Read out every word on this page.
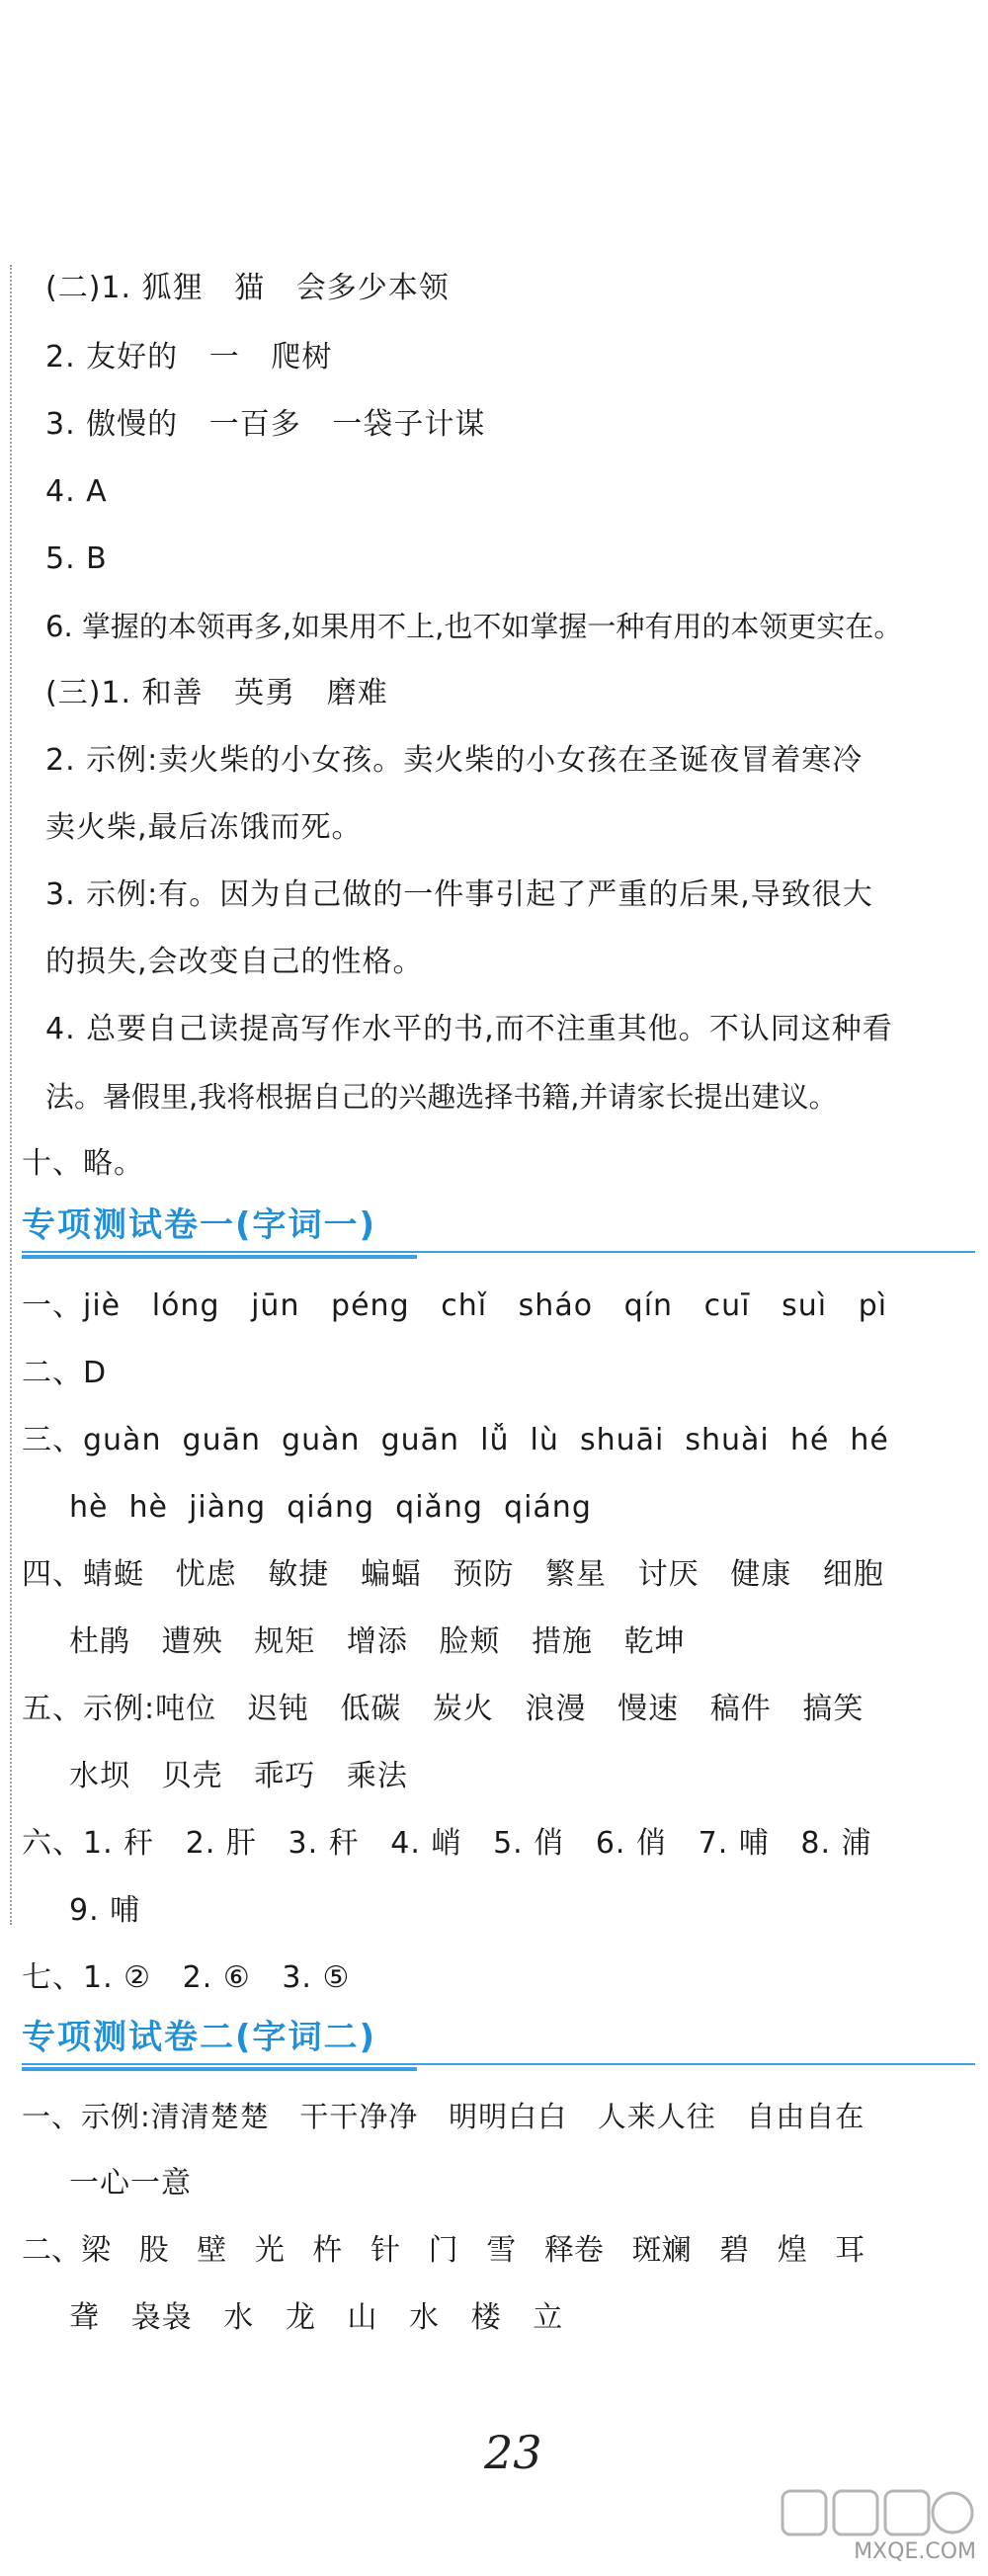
(二)1. 狐狸   猫   会多少本领
2. 友好的   一   爬树
3. 傲慢的   一百多   一袋子计谋
4. A
5. B
6. 掌握的本领再多,如果用不上,也不如掌握一种有用的本领更实在。
(三)1. 和善   英勇   磨难
2. 示例:卖火柴的小女孩。卖火柴的小女孩在圣诞夜冒着寒冷
卖火柴,最后冻饿而死。
3. 示例:有。因为自己做的一件事引起了严重的后果,导致很大
的损失,会改变自己的性格。
4. 总要自己读提高写作水平的书,而不注重其他。不认同这种看
法。暑假里,我将根据自己的兴趣选择书籍,并请家长提出建议。
十、略。
专项测试卷一(字词一)
一、jiè   lóng   jūn   péng   chǐ   sháo   qín   cuī   suì   pì
二、D
三、guàn  guān  guàn  guān  lǚ  lù  shuāi  shuài  hé  hé
hè  hè  jiàng  qiáng  qiǎng  qiáng
四、蜻蜓   忧虑   敏捷   蝙蝠   预防   繁星   讨厌   健康   细胞
杜鹃   遭殃   规矩   增添   脸颊   措施   乾坤
五、示例:吨位   迟钝   低碳   炭火   浪漫   慢速   稿件   搞笑
水坝   贝壳   乖巧   乘法
六、1. 秆   2. 肝   3. 秆   4. 峭   5. 俏   6. 俏   7. 哺   8. 浦
9. 哺
七、1. ②   2. ⑥   3. ⑤
专项测试卷二(字词二)
一、示例:清清楚楚   干干净净   明明白白   人来人往   自由自在
一心一意
二、梁   股   壁   光   杵   针   门   雪   释卷   斑斓   碧   煌   耳
聋   袅袅   水   龙   山   水   楼   立
23
MXQE.COM
